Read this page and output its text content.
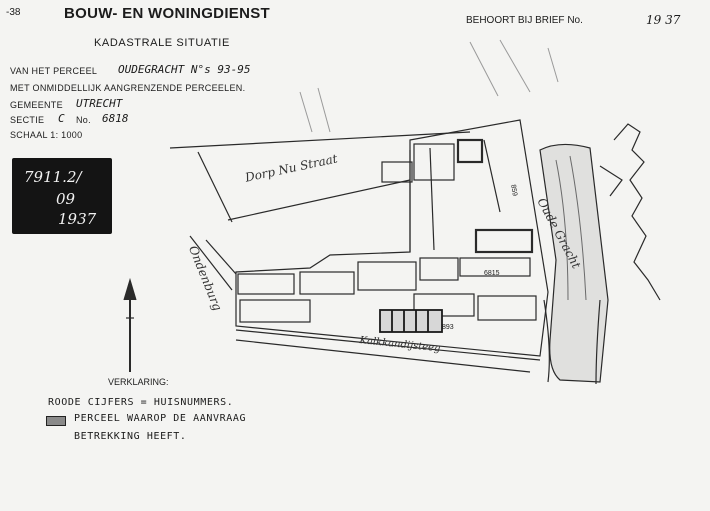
-38	BOUW- EN WONINGDIENST
KADASTRALE SITUATIE
BEHOORT BIJ BRIEF No.	19 37
VAN HET PERCEEL OUDEGRACHT N°s 93-95
MET ONMIDDELLIJK AANGRENZENDE PERCEELEN.
GEMEENTE UTRECHT
SECTIE C No. 6818
SCHAAL 1: 1000
7911.2/
09
1937
Dorp Nu Straat
Oude Gracht
Kalkkandijsteeg
Ondenburg
859
6815
893
VERKLARING:
ROODE CIJFERS = HUISNUMMERS.
PERCEEL WAAROP DE AANVRAAG
BETREKKING HEEFT.
